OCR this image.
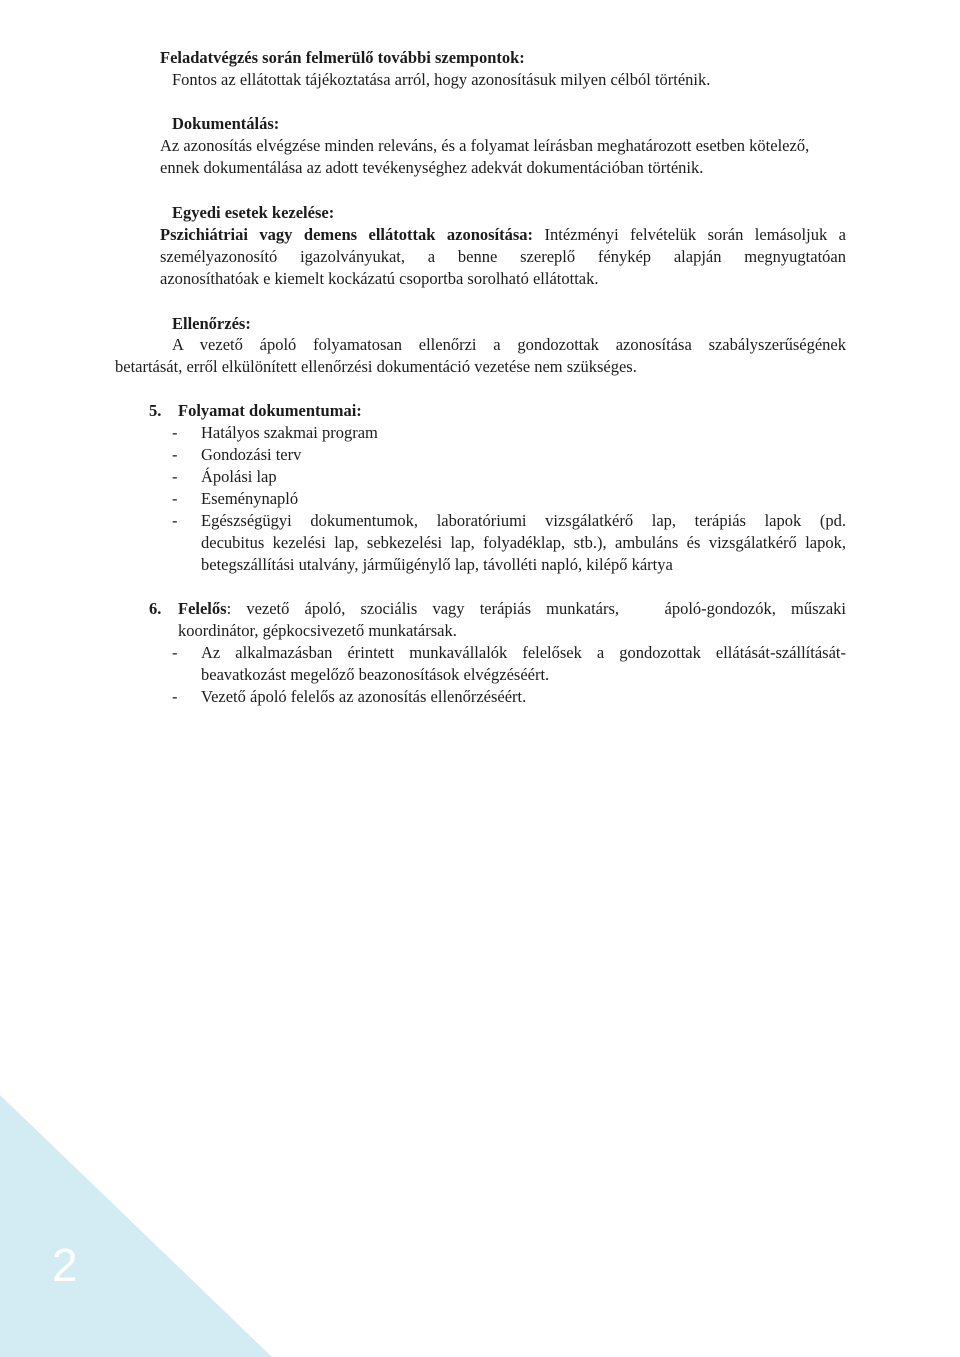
Feladatvégzés során felmerülő további szempontok:
Fontos az ellátottak tájékoztatása arról, hogy azonosításuk milyen célból történik.
Dokumentálás:
Az azonosítás elvégzése minden releváns, és a folyamat leírásban meghatározott esetben kötelező,
ennek dokumentálása az adott tevékenységhez adekvát dokumentációban történik.
Egyedi esetek kezelése:
Pszichiátriai vagy demens ellátottak azonosítása: Intézményi felvételük során lemásoljuk a
személyazonosító igazolványukat, a benne szereplő fénykép alapján megnyugtatóan
azonosíthatóak e kiemelt kockázatú csoportba sorolható ellátottak.
Ellenőrzés:
A vezető ápoló folyamatosan ellenőrzi a gondozottak azonosítása szabályszerűségének
betartását, erről elkülönített ellenőrzési dokumentáció vezetése nem szükséges.
5. Folyamat dokumentumai:
-	Hatályos szakmai program
-	Gondozási terv
-	Ápolási lap
-	Eseménynapló
- Egészségügyi dokumentumok, laboratóriumi vizsgálatkérő lap, terápiás lapok (pd.
decubitus kezelési lap, sebkezelési lap, folyadéklap, stb.), ambuláns és vizsgálatkérő lapok,
betegszállítási utalvány, járműigénylő lap, távolléti napló, kilépő kártya
6. Felelős: vezető ápoló, szociális vagy terápiás munkatárs,   ápoló-gondozók, műszaki
koordinátor, gépkocsivezető munkatársak.
- Az alkalmazásban érintett munkavállalók felelősek a gondozottak ellátását-szállítását-
beavatkozást megelőző beazonosítások elvégzéséért.
-	Vezető ápoló felelős az azonosítás ellenőrzéséért.
2
